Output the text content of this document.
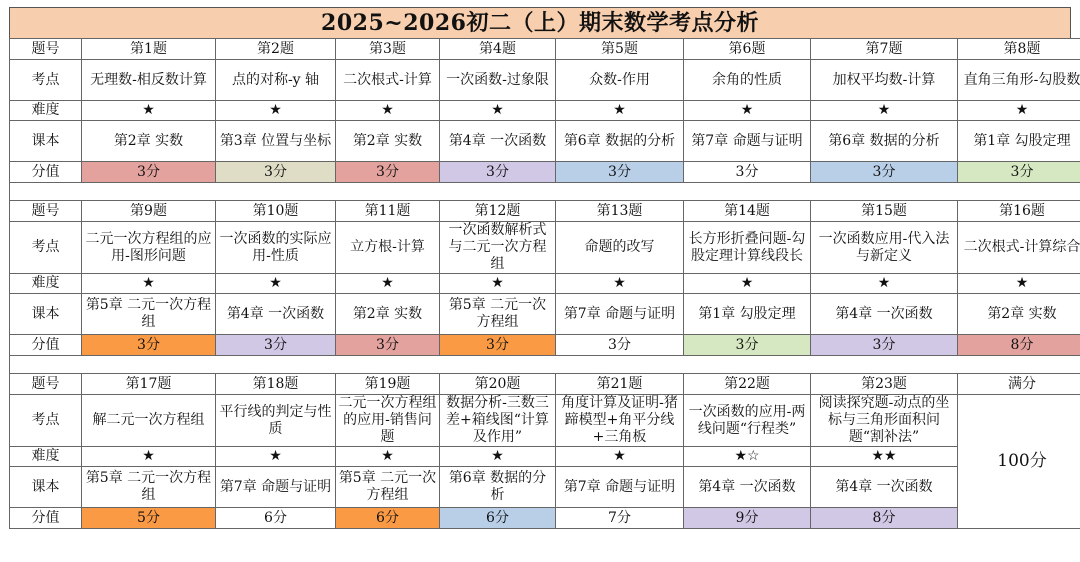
2025~2026初二（上）期末数学考点分析
题号	第1题	第2题	第3题	第4题	第5题	第6题	第7题	第8题
考点	无理数-相反数计算	点的对称-y 轴	二次根式-计算	一次函数-过象限	众数-作用	余角的性质	加权平均数-计算	直角三角形-勾股数
难度	★	★	★	★	★	★	★	★
课本	第2章 实数	第3章 位置与坐标	第2章 实数	第4章 一次函数	第6章 数据的分析	第7章 命题与证明	第6章 数据的分析	第1章 勾股定理
分值	3分	3分	3分	3分	3分	3分	3分	3分

题号	第9题	第10题	第11题	第12题	第13题	第14题	第15题	第16题
考点	二元一次方程组的应用-图形问题	一次函数的实际应用-性质	立方根-计算	一次函数解析式与二元一次方程组	命题的改写	长方形折叠问题-勾股定理计算线段长	一次函数应用-代入法与新定义	二次根式-计算综合
难度	★	★	★	★	★	★	★	★
课本	第5章 二元一次方程组	第4章 一次函数	第2章 实数	第5章 二元一次方程组	第7章 命题与证明	第1章 勾股定理	第4章 一次函数	第2章 实数
分值	3分	3分	3分	3分	3分	3分	3分	8分

题号	第17题	第18题	第19题	第20题	第21题	第22题	第23题	满分
考点	解二元一次方程组	平行线的判定与性质	二元一次方程组的应用-销售问题	数据分析-三数三差+箱线图“计算及作用”	角度计算及证明-猪蹄模型+角平分线+三角板	一次函数的应用-两线问题“行程类”	阅读探究题-动点的坐标与三角形面积问题“割补法”	100分
难度	★	★	★	★	★	★☆	★★	
课本	第5章 二元一次方程组	第7章 命题与证明	第5章 二元一次方程组	第6章 数据的分析	第7章 命题与证明	第4章 一次函数	第4章 一次函数	
分值	5分	6分	6分	6分	7分	9分	8分	
